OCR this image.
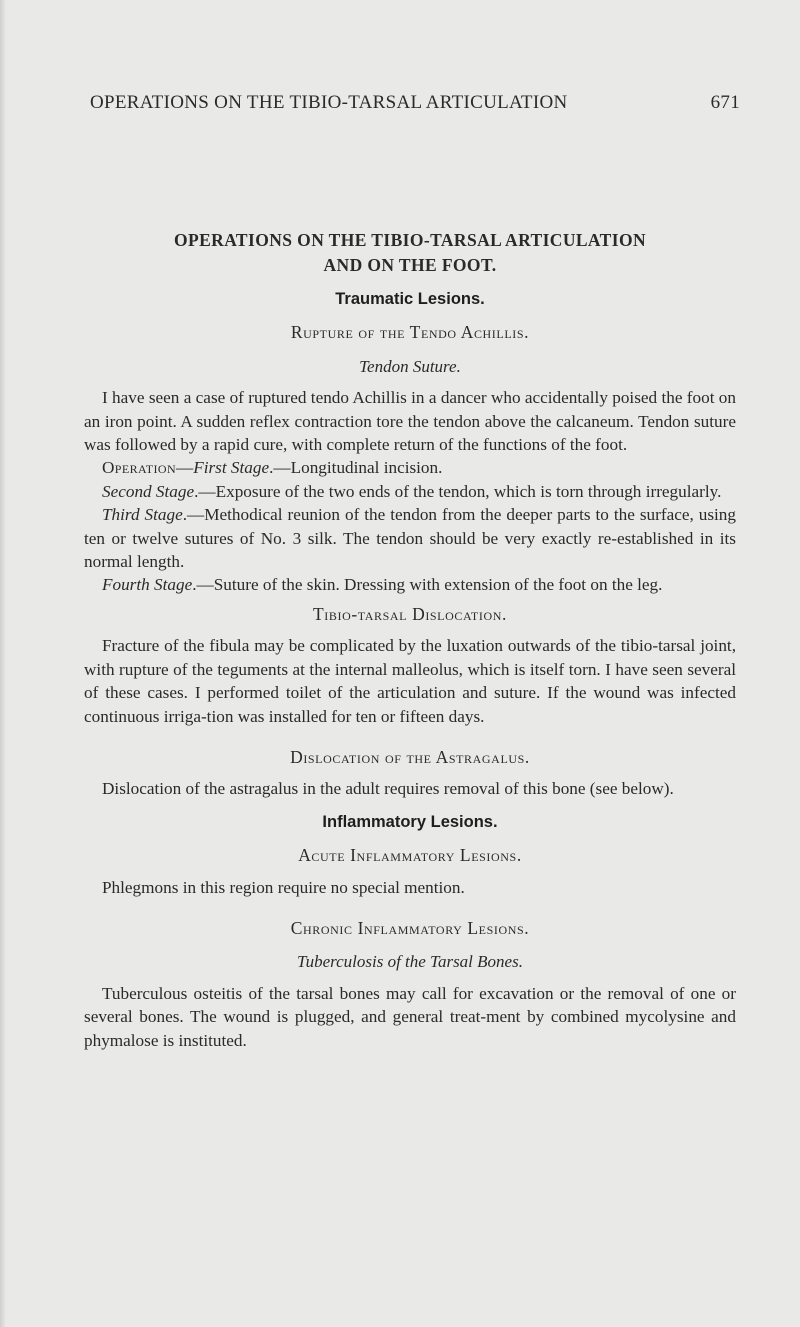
OPERATIONS ON THE TIBIO-TARSAL ARTICULATION	671
OPERATIONS ON THE TIBIO-TARSAL ARTICULATION
AND ON THE FOOT.
Traumatic Lesions.
Rupture of the Tendo Achillis.
Tendon Suture.

I have seen a case of ruptured tendo Achillis in a dancer who accidentally poised the foot on an iron point. A sudden reflex contraction tore the tendon above the calcaneum. Tendon suture was followed by a rapid cure, with complete return of the functions of the foot.

Operation—First Stage.—Longitudinal incision.

Second Stage.—Exposure of the two ends of the tendon, which is torn through irregularly.

Third Stage.—Methodical reunion of the tendon from the deeper parts to the surface, using ten or twelve sutures of No. 3 silk. The tendon should be very exactly re-established in its normal length.

Fourth Stage.—Suture of the skin. Dressing with extension of the foot on the leg.

Tibio-tarsal Dislocation.

Fracture of the fibula may be complicated by the luxation outwards of the tibio-tarsal joint, with rupture of the teguments at the internal malleolus, which is itself torn. I have seen several of these cases. I performed toilet of the articulation and suture. If the wound was infected continuous irriga-tion was installed for ten or fifteen days.

Dislocation of the Astragalus.

Dislocation of the astragalus in the adult requires removal of this bone (see below).

Inflammatory Lesions.
Acute Inflammatory Lesions.

Phlegmons in this region require no special mention.

Chronic Inflammatory Lesions.
Tuberculosis of the Tarsal Bones.

Tuberculous osteitis of the tarsal bones may call for excavation or the removal of one or several bones. The wound is plugged, and general treat-ment by combined mycolysine and phymalose is instituted.
